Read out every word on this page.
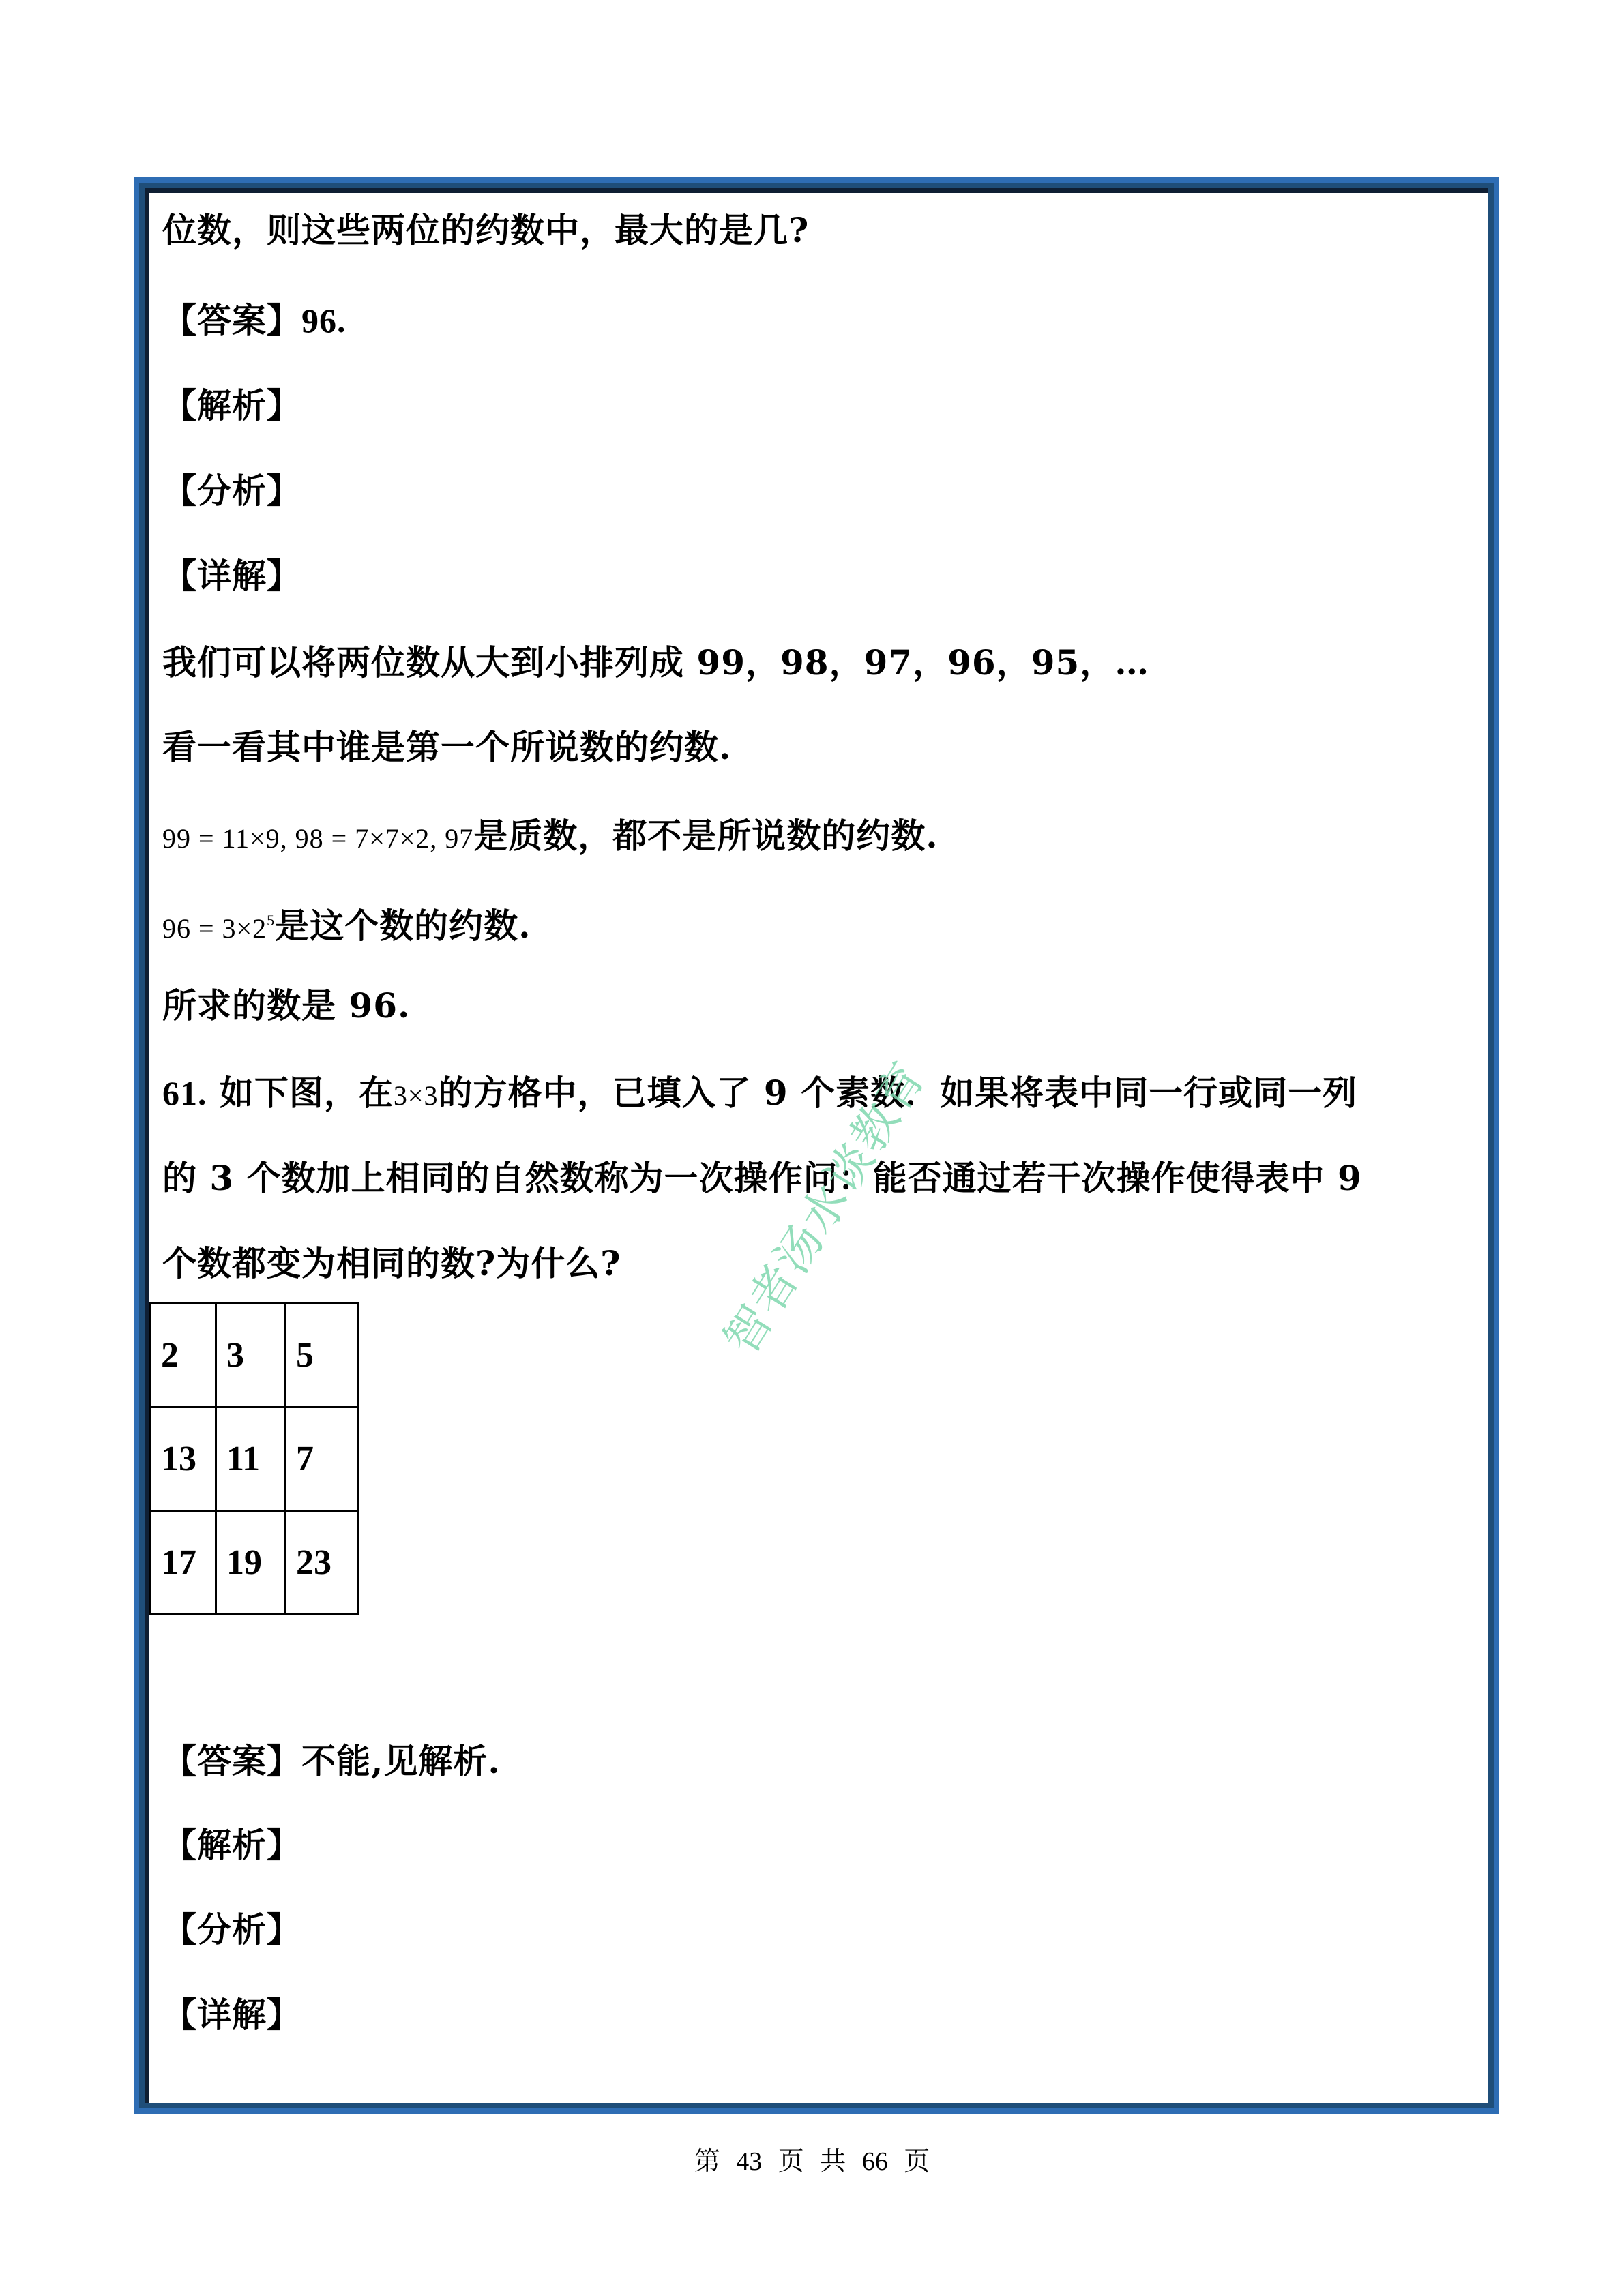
位数，则这些两位的约数中，最大的是几?
【答案】96.
【解析】
【分析】
【详解】
我们可以将两位数从大到小排列成 99，98，97，96，95，…
看一看其中谁是第一个所说数的约数.
99 = 11×9, 98 = 7×7×2, 97是质数，都不是所说数的约数.
$96 = 3\times 2^5$是这个数的约数.
所求的数是 96.
61. 如下图，在3×3的方格中，已填入了 9 个素数．如果将表中同一行或同一列
的 3 个数加上相同的自然数称为一次操作问：能否通过若干次操作使得表中 9
个数都变为相同的数?为什么?
2	3	5
13	11	7
17	19	23
【答案】不能,见解析.
【解析】
【分析】
【详解】
智者汤水谈教育
第 43 页 共 66 页
